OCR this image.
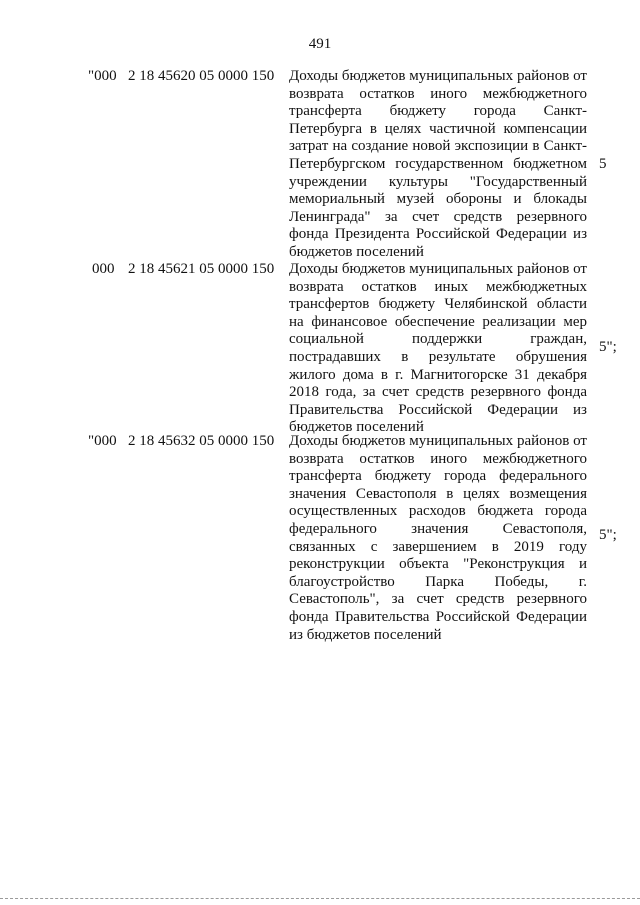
491
"000 2 18 45620 05 0000 150 Доходы бюджетов муниципальных районов от возврата остатков иного межбюджетного трансферта бюджету города Санкт-Петербурга в целях частичной компенсации затрат на создание новой экспозиции в Санкт-Петербургском государственном бюджетном учреждении культуры "Государственный мемориальный музей обороны и блокады Ленинграда" за счет средств резервного фонда Президента Российской Федерации из бюджетов поселений
5
000 2 18 45621 05 0000 150 Доходы бюджетов муниципальных районов от возврата остатков иных межбюджетных трансфертов бюджету Челябинской области на финансовое обеспечение реализации мер социальной поддержки граждан, пострадавших в результате обрушения жилого дома в г. Магнитогорске 31 декабря 2018 года, за счет средств резервного фонда Правительства Российской Федерации из бюджетов поселений
5";
"000 2 18 45632 05 0000 150 Доходы бюджетов муниципальных районов от возврата остатков иного межбюджетного трансферта бюджету города федерального значения Севастополя в целях возмещения осуществленных расходов бюджета города федерального значения Севастополя, связанных с завершением в 2019 году реконструкции объекта "Реконструкция и благоустройство Парка Победы, г. Севастополь", за счет средств резервного фонда Правительства Российской Федерации из бюджетов поселений
5";
